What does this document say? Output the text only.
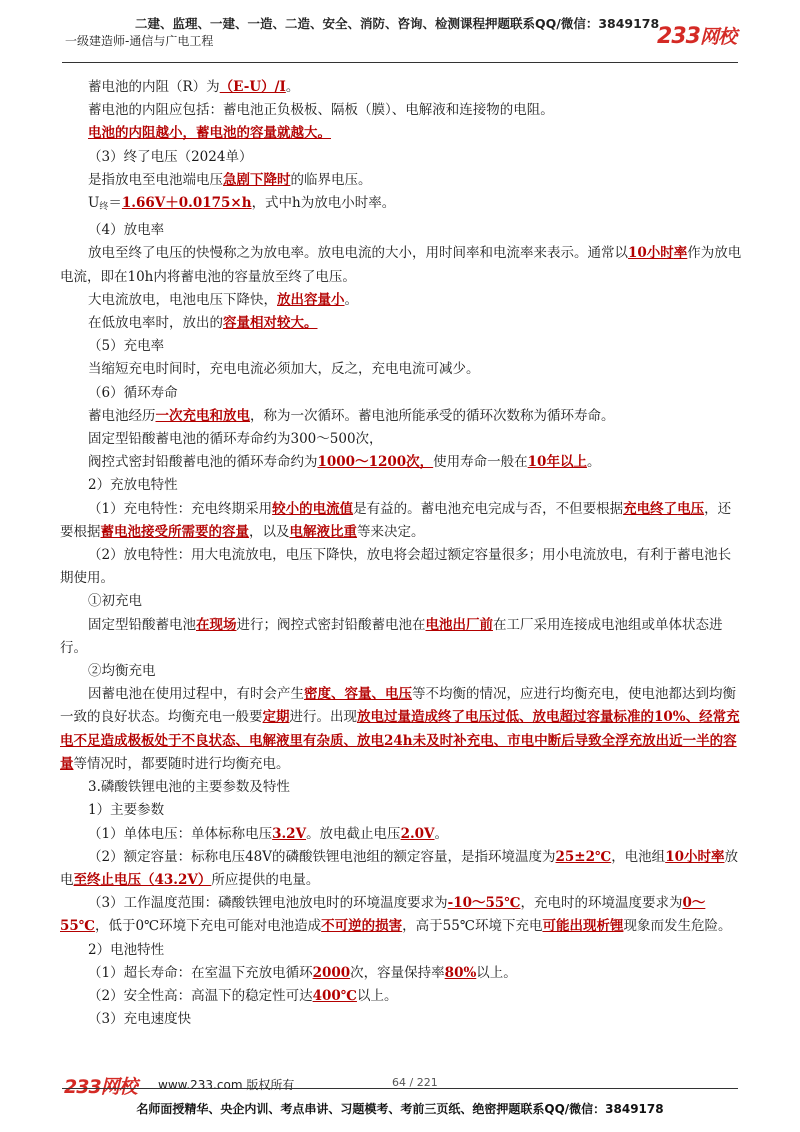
二建、监理、一建、一造、二造、安全、消防、咨询、检测课程押题联系QQ/微信：3849178
一级建造师-通信与广电工程	233网校

蓄电池的内阻（R）为（E-U）/I。

蓄电池的内阻应包括：蓄电池正负极板、隔板（膜）、电解液和连接物的电阻。

电池的内阻越小，蓄电池的容量就越大。

（3）终了电压（2024单）

是指放电至电池端电压急剧下降时的临界电压。

$U_终=1.66V+0.0175\times h$，式中h为放电小时率。

（4）放电率

放电至终了电压的快慢称之为放电率。放电电流的大小，用时间率和电流率来表示。通常以10小时率作为放电电流，即在10h内将蓄电池的容量放至终了电压。

大电流放电，电池电压下降快，放出容量小。

在低放电率时，放出的容量相对较大。

（5）充电率

当缩短充电时间时，充电电流必须加大，反之，充电电流可减少。

（6）循环寿命

蓄电池经历一次充电和放电，称为一次循环。蓄电池所能承受的循环次数称为循环寿命。

固定型铅酸蓄电池的循环寿命约为300～500次，

阀控式密封铅酸蓄电池的循环寿命约为1000～1200次，使用寿命一般在10年以上。

2）充放电特性

（1）充电特性：充电终期采用较小的电流值是有益的。蓄电池充电完成与否，不但要根据充电终了电压，还要根据蓄电池接受所需要的容量，以及电解液比重等来决定。

（2）放电特性：用大电流放电，电压下降快，放电将会超过额定容量很多；用小电流放电，有利于蓄电池长期使用。

①初充电

固定型铅酸蓄电池在现场进行；阀控式密封铅酸蓄电池在电池出厂前在工厂采用连接成电池组或单体状态进行。

②均衡充电

因蓄电池在使用过程中，有时会产生密度、容量、电压等不均衡的情况，应进行均衡充电，使电池都达到均衡一致的良好状态。均衡充电一般要定期进行。出现放电过量造成终了电压过低、放电超过容量标准的10%、经常充电不足造成极板处于不良状态、电解液里有杂质、放电24h未及时补充电、市电中断后导致全浮充放出近一半的容量等情况时，都要随时进行均衡充电。

3.磷酸铁锂电池的主要参数及特性

1）主要参数

（1）单体电压：单体标称电压3.2V。放电截止电压2.0V。

（2）额定容量：标称电压48V的磷酸铁锂电池组的额定容量，是指环境温度为25±2℃，电池组10小时率放电至终止电压（43.2V）所应提供的电量。

（3）工作温度范围：磷酸铁锂电池放电时的环境温度要求为-10～55℃，充电时的环境温度要求为0～55℃，低于0℃环境下充电可能对电池造成不可逆的损害，高于55℃环境下充电可能出现析锂现象而发生危险。

2）电池特性

（1）超长寿命：在室温下充放电循环2000次，容量保持率80%以上。

（2）安全性高：高温下的稳定性可达400℃以上。

（3）充电速度快

233网校 www.233.com 版权所有	64 / 221
名师面授精华、央企内训、考点串讲、习题模考、考前三页纸、绝密押题联系QQ/微信：3849178
